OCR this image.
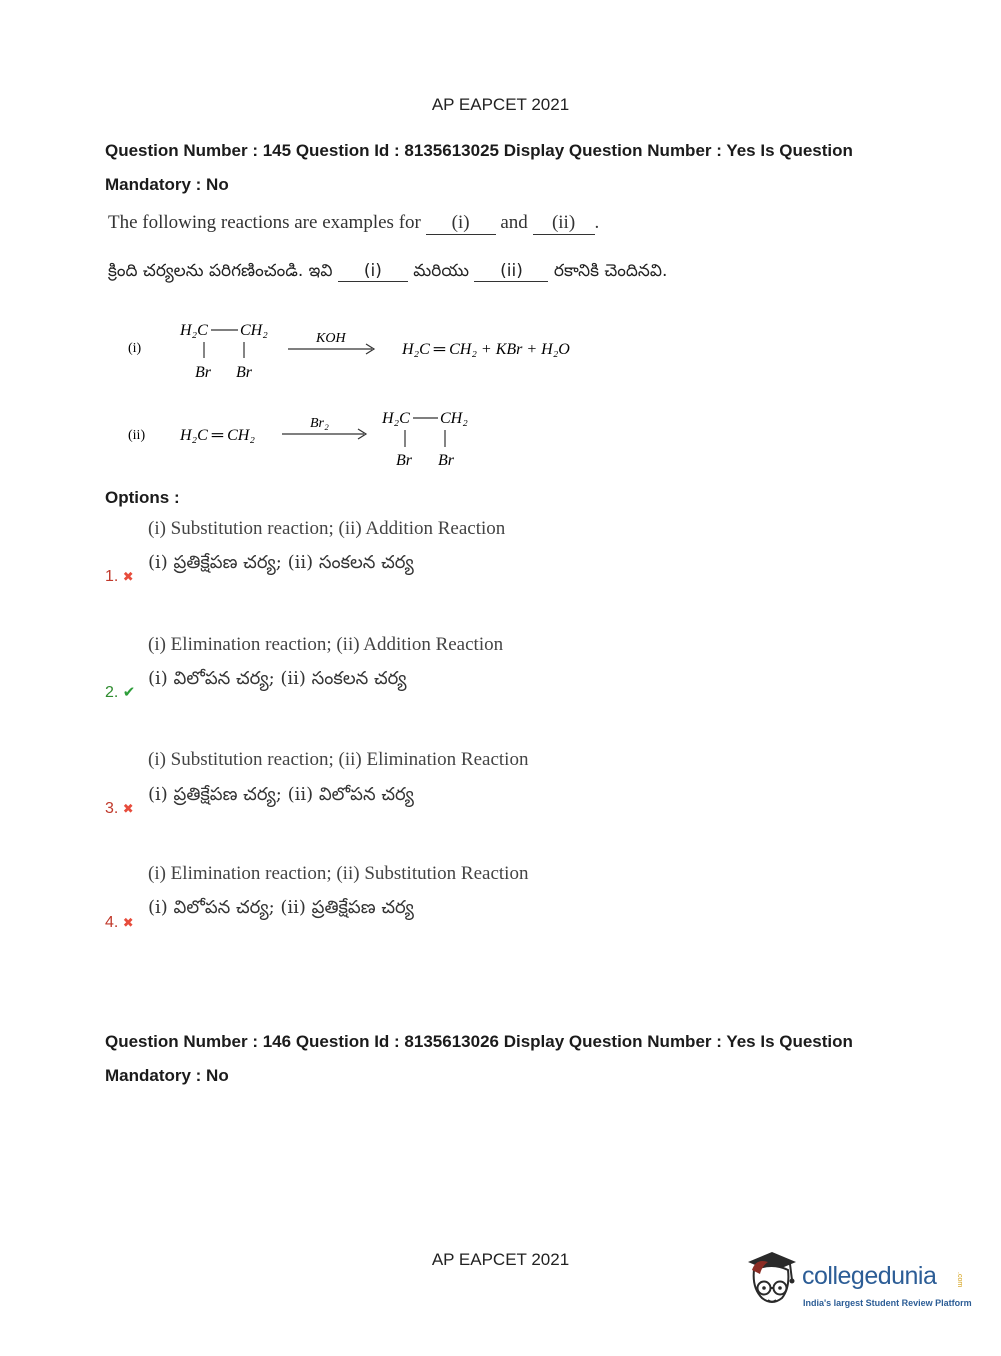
AP EAPCET 2021
Question Number : 145 Question Id : 8135613025 Display Question Number : Yes Is Question
Mandatory : No
The following reactions are examples for (i) and (ii) .
క్రింది చర్యలను పరిగణించండి. ఇవి (i) మరియు (ii) రకానికి చెందినవి.
(i)
H₂C CH₂
Br Br
KOH
H₂C ═ CH₂ + KBr + H₂O
(ii) H₂C ═ CH₂
Br₂	H₂C CH₂
Br Br
Options :
(i) Substitution reaction; (ii) Addition Reaction
(i) ప్రతిక్షేపణ చర్య; (ii) సంకలన చర్య
1. ✖
(i) Elimination reaction; (ii) Addition Reaction
(i) విలోపన చర్య; (ii) సంకలన చర్య
2. ✔
(i) Substitution reaction; (ii) Elimination Reaction
(i) ప్రతిక్షేపణ చర్య; (ii) విలోపన చర్య
3. ✖
(i) Elimination reaction; (ii) Substitution Reaction
(i) విలోపన చర్య; (ii) ప్రతిక్షేపణ చర్య
4. ✖
Question Number : 146 Question Id : 8135613026 Display Question Number : Yes Is Question
Mandatory : No
AP EAPCET 2021
collegedunia	.com
India's largest Student Review Platform
